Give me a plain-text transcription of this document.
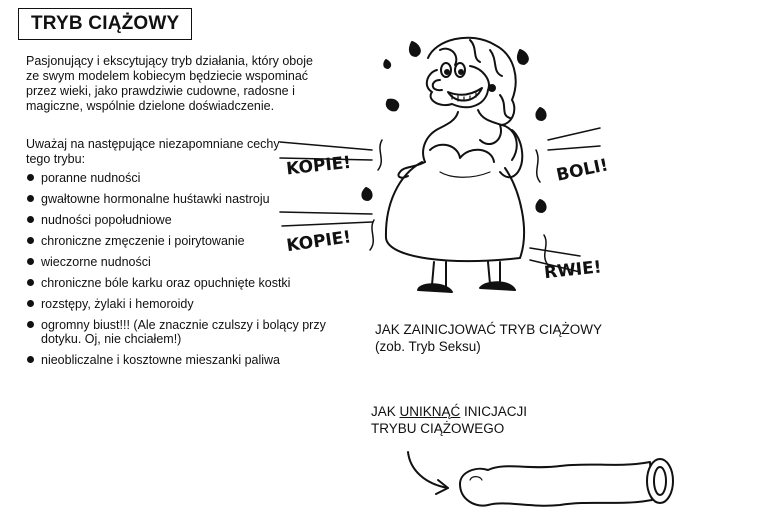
TRYB CIĄŻOWY
Pasjonujący i ekscytujący tryb działania, który oboje ze swym modelem kobiecym będziecie wspominać przez wieki, jako prawdziwie cudowne, radosne i magiczne, wspólnie dzielone doświadczenie.
Uważaj na następujące niezapomniane cechy tego trybu:
poranne nudności
gwałtowne hormonalne huśtawki nastroju
nudności popołudniowe
chroniczne zmęczenie i poirytowanie
wieczorne nudności
chroniczne bóle karku oraz opuchnięte kostki
rozstępy, żylaki i hemoroidy
ogromny biust!!! (Ale znacznie czulszy i bolący przy dotyku. Oj, nie chciałem!)
nieobliczalne i kosztowne mieszanki paliwa
KOPIE!
KOPIE!
BOLI!
RWIE!
JAK ZAINICJOWAĆ TRYB CIĄŻOWY
(zob. Tryb Seksu)
JAK UNIKNĄĆ INICJACJI
TRYBU CIĄŻOWEGO
